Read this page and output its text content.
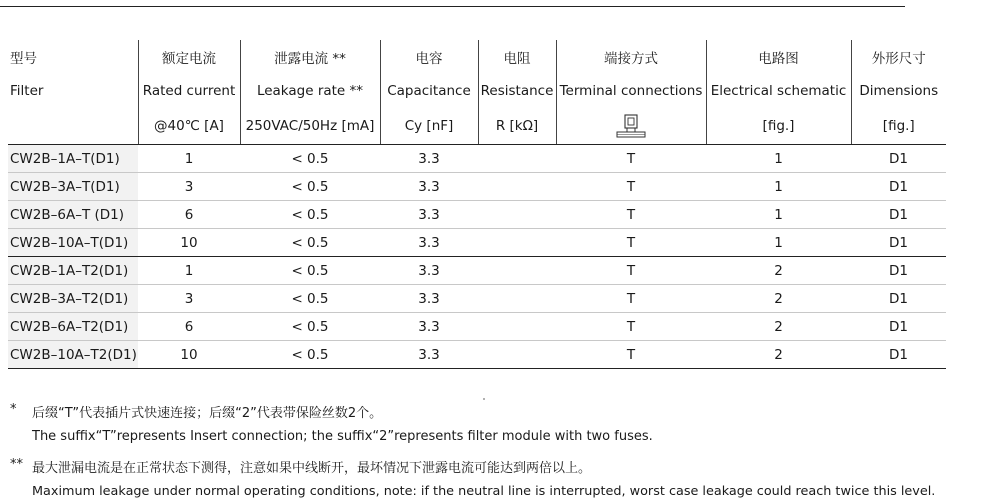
型号	额定电流	泄露电流 **	电容	电阻	端接方式	电路图	外形尺寸
Filter	Rated current	Leakage rate **	Capacitance	Resistance	Terminal connections	Electrical schematic	Dimensions
	@40℃ [A]	250VAC/50Hz [mA]	Cy [nF]	R [kΩ]		[fig.]	[fig.]
CW2B–1A–T(D1)	1	< 0.5	3.3		T	1	D1
CW2B–3A–T(D1)	3	< 0.5	3.3		T	1	D1
CW2B–6A–T (D1)	6	< 0.5	3.3		T	1	D1
CW2B–10A–T(D1)	10	< 0.5	3.3		T	1	D1
CW2B–1A–T2(D1)	1	< 0.5	3.3		T	2	D1
CW2B–3A–T2(D1)	3	< 0.5	3.3		T	2	D1
CW2B–6A–T2(D1)	6	< 0.5	3.3		T	2	D1
CW2B–10A–T2(D1)	10	< 0.5	3.3		T	2	D1
* 后缀“T”代表插片式快速连接；后缀“2”代表带保险丝数2个。
The suffix“T”represents Insert connection; the suffix“2”represents filter module with two fuses.
** 最大泄漏电流是在正常状态下测得，注意如果中线断开，最坏情况下泄露电流可能达到两倍以上。
Maximum leakage under normal operating conditions, note: if the neutral line is interrupted, worst case leakage could reach twice this level.
